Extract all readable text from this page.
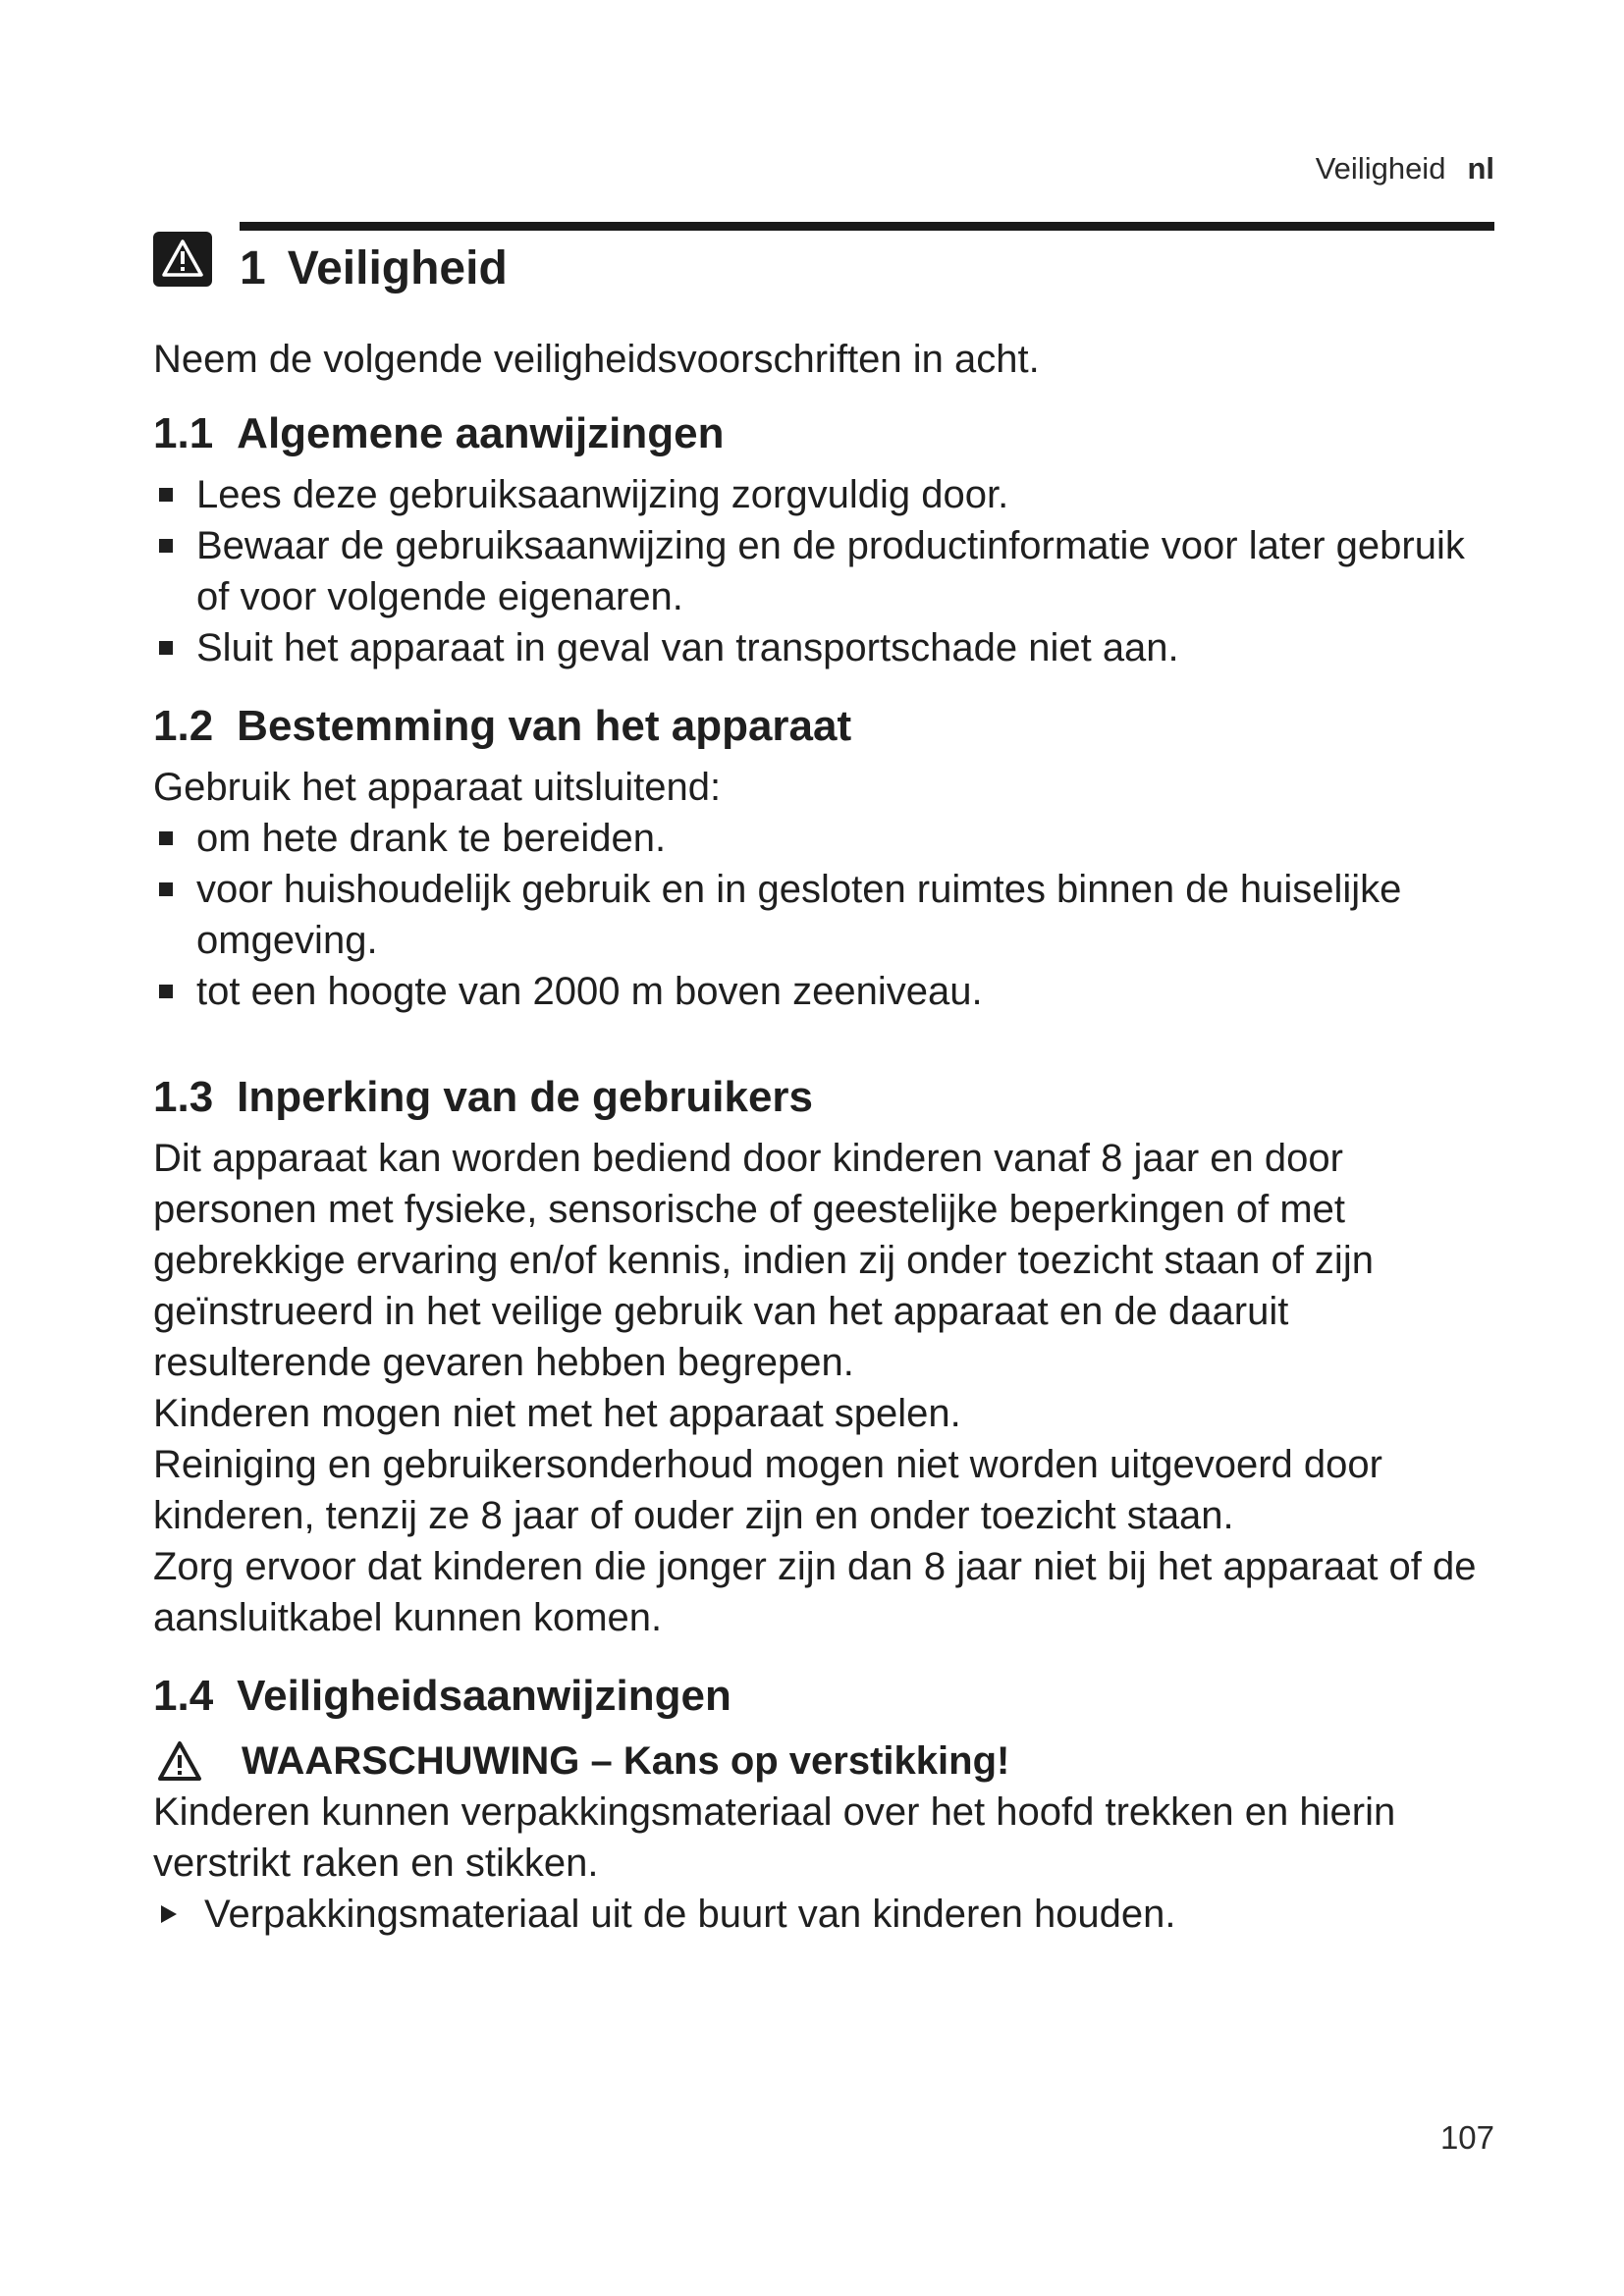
Veiligheid nl
1 Veiligheid

Neem de volgende veiligheidsvoorschriften in acht.

1.1 Algemene aanwijzingen
Lees deze gebruiksaanwijzing zorgvuldig door.
Bewaar de gebruiksaanwijzing en de productinformatie voor later gebruik of voor volgende eigenaren.
Sluit het apparaat in geval van transportschade niet aan.
1.2 Bestemming van het apparaat

Gebruik het apparaat uitsluitend:

om hete drank te bereiden.
voor huishoudelijk gebruik en in gesloten ruimtes binnen de huiselijke omgeving.
tot een hoogte van 2000 m boven zeeniveau.
1.3 Inperking van de gebruikers

Dit apparaat kan worden bediend door kinderen vanaf 8 jaar en door personen met fysieke, sensorische of geestelijke beperkingen of met gebrekkige ervaring en/of kennis, indien zij onder toezicht staan of zijn geïnstrueerd in het veilige gebruik van het apparaat en de daaruit resulterende gevaren hebben begrepen.

Kinderen mogen niet met het apparaat spelen.

Reiniging en gebruikersonderhoud mogen niet worden uitgevoerd door kinderen, tenzij ze 8 jaar of ouder zijn en onder toezicht staan.

Zorg ervoor dat kinderen die jonger zijn dan 8 jaar niet bij het apparaat of de aansluitkabel kunnen komen.

1.4 Veiligheidsaanwijzingen
WAARSCHUWING – Kans op verstikking!

Kinderen kunnen verpakkingsmateriaal over het hoofd trekken en hierin verstrikt raken en stikken.

Verpakkingsmateriaal uit de buurt van kinderen houden.
107
